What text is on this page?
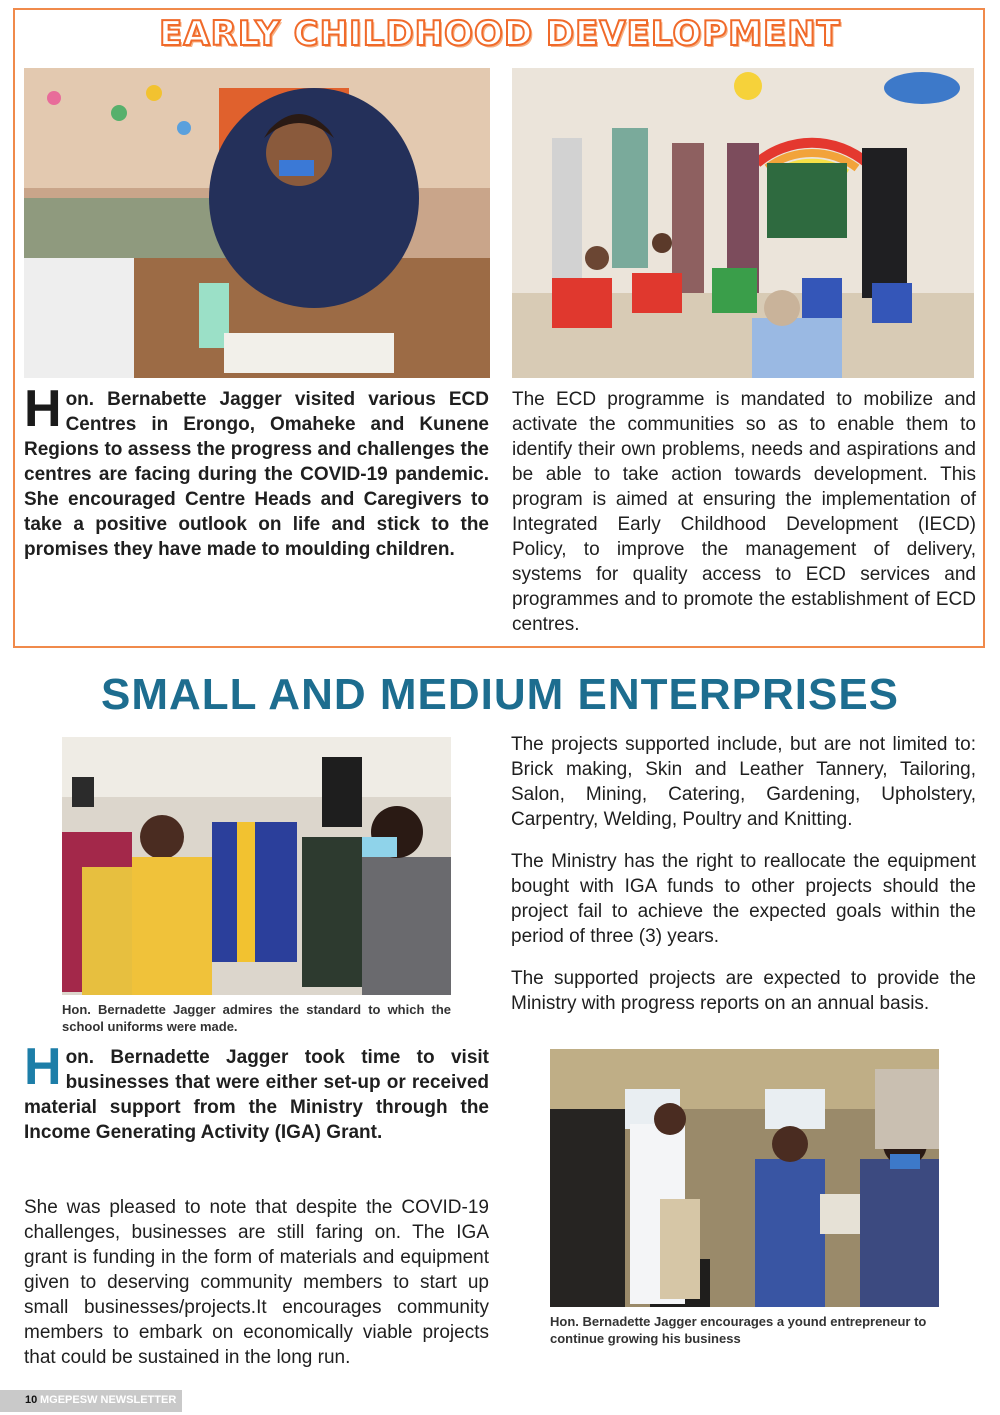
EARLY CHILDHOOD DEVELOPMENT
Hon. Bernabette Jagger visited various ECD Centres in Erongo, Omaheke and Kunene Regions to assess the progress and challenges the centres are facing during the COVID-19 pandemic. She encouraged Centre Heads and Caregivers to take a positive outlook on life and stick to the promises they have made to moulding children.
The ECD programme is mandated to mobilize and activate the communities so as to enable them to identify their own problems, needs and aspirations and be able to take action towards development. This program is aimed at ensuring the implementation of Integrated Early Childhood Development (IECD) Policy, to improve the management of delivery, systems for quality access to ECD services and programmes and to promote the establishment of ECD centres.
SMALL AND MEDIUM ENTERPRISES
Hon. Bernadette Jagger admires the standard to which the school uniforms were made.
Hon. Bernadette Jagger took time to visit businesses that were either set-up or received material support from the Ministry through the Income Generating Activity (IGA) Grant.
She was pleased to note that despite the COVID-19 challenges, businesses are still faring on. The IGA grant is funding in the form of materials and equipment given to deserving community members to start up small businesses/projects.It encourages community members to embark on economically viable projects that could be sustained in the long run.

The projects supported include, but are not limited to: Brick making, Skin and Leather Tannery, Tailoring, Salon, Mining, Catering, Gardening, Upholstery, Carpentry, Welding, Poultry and Knitting.

The Ministry has the right to reallocate the equipment bought with IGA funds to other projects should the project fail to achieve the expected goals within the period of three (3) years.

The supported projects are expected to provide the Ministry with progress reports on an annual basis.

Hon. Bernadette Jagger encourages a yound entrepreneur to continue growing his business
10 MGEPESW NEWSLETTER
